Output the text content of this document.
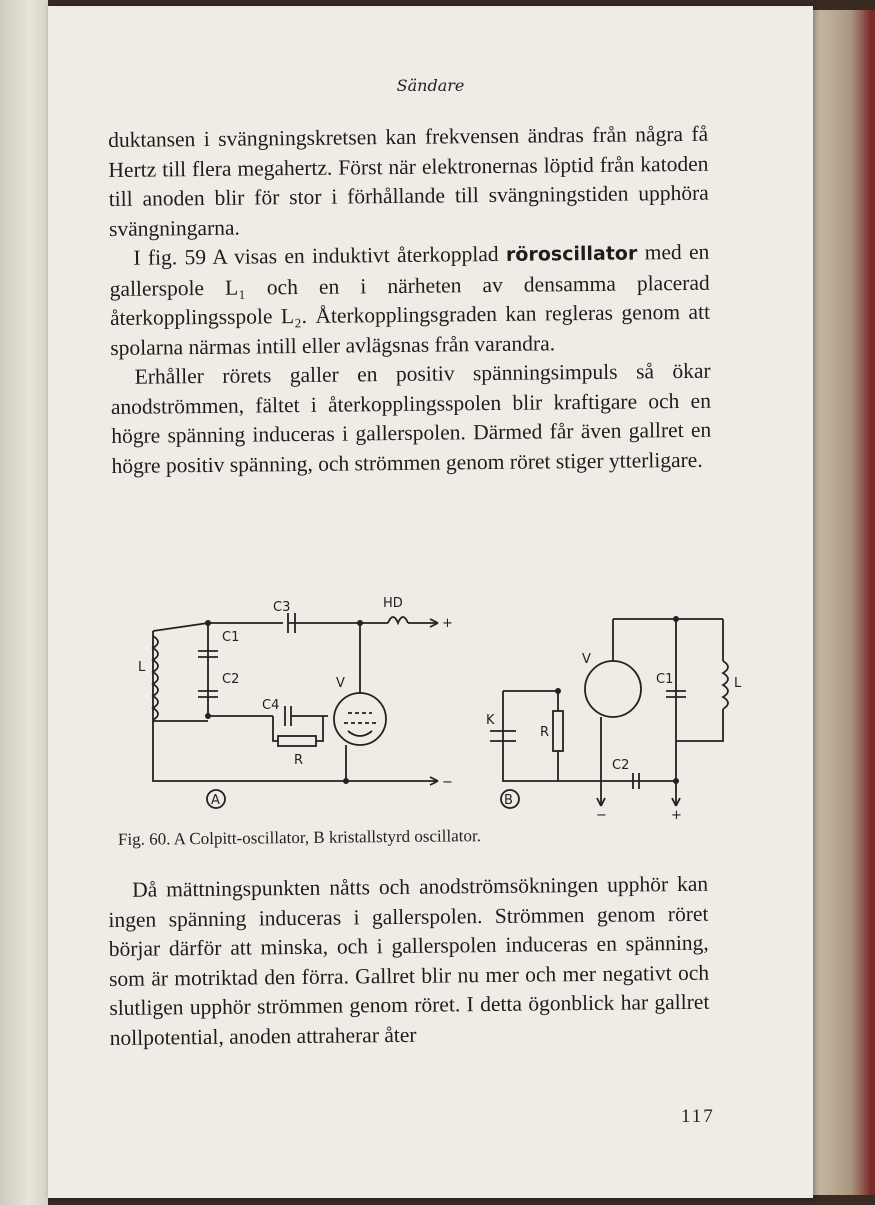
Sändare

duktansen i svängningskretsen kan frekvensen ändras från några få Hertz till flera megahertz. Först när elektronernas löptid från katoden till anoden blir för stor i förhållande till svängningstiden upphöra svängningarna.

I fig. 59 A visas en induktivt återkopplad röroscillator med en gallerspole L₁ och en i närheten av densamma placerad återkopplingsspole L₂. Återkopplingsgraden kan regleras genom att spolarna närmas intill eller avlägsnas från varandra.

Erhåller rörets galler en positiv spänningsimpuls så ökar anodströmmen, fältet i återkopplingsspolen blir kraftigare och en högre spänning induceras i gallerspolen. Därmed får även gallret en högre positiv spänning, och strömmen genom röret stiger ytterligare.

C3	HD
C1
C2
C4
L
V
R
+
−
A
V
C1	L
K
R
C2
B
−	+
Fig. 60. A Colpitt-oscillator, B kristallstyrd oscillator.

Då mättningspunkten nåtts och anodströmsökningen upphör kan ingen spänning induceras i gallerspolen. Strömmen genom röret börjar därför att minska, och i gallerspolen induceras en spänning, som är motriktad den förra. Gallret blir nu mer och mer negativt och slutligen upphör strömmen genom röret. I detta ögonblick har gallret nollpotential, anoden attraherar åter

117
